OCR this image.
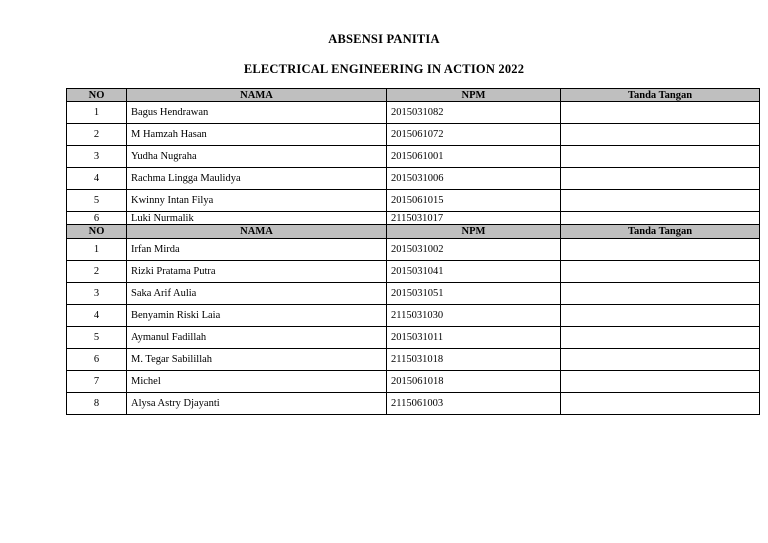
ABSENSI PANITIA
ELECTRICAL ENGINEERING IN ACTION 2022
NO	NAMA	NPM	Tanda Tangan
1	Bagus Hendrawan	2015031082	
2	M Hamzah Hasan	2015061072	
3	Yudha Nugraha	2015061001	
4	Rachma Lingga Maulidya	2015031006	
5	Kwinny Intan Filya	2015061015	
6	Luki Nurmalik	2115031017	
NO	NAMA	NPM	Tanda Tangan
1	Irfan Mirda	2015031002	
2	Rizki Pratama Putra	2015031041	
3	Saka Arif Aulia	2015031051	
4	Benyamin Riski Laia	2115031030	
5	Aymanul Fadillah	2015031011	
6	M. Tegar Sabilillah	2115031018	
7	Michel	2015061018	
8	Alysa Astry Djayanti	2115061003	
